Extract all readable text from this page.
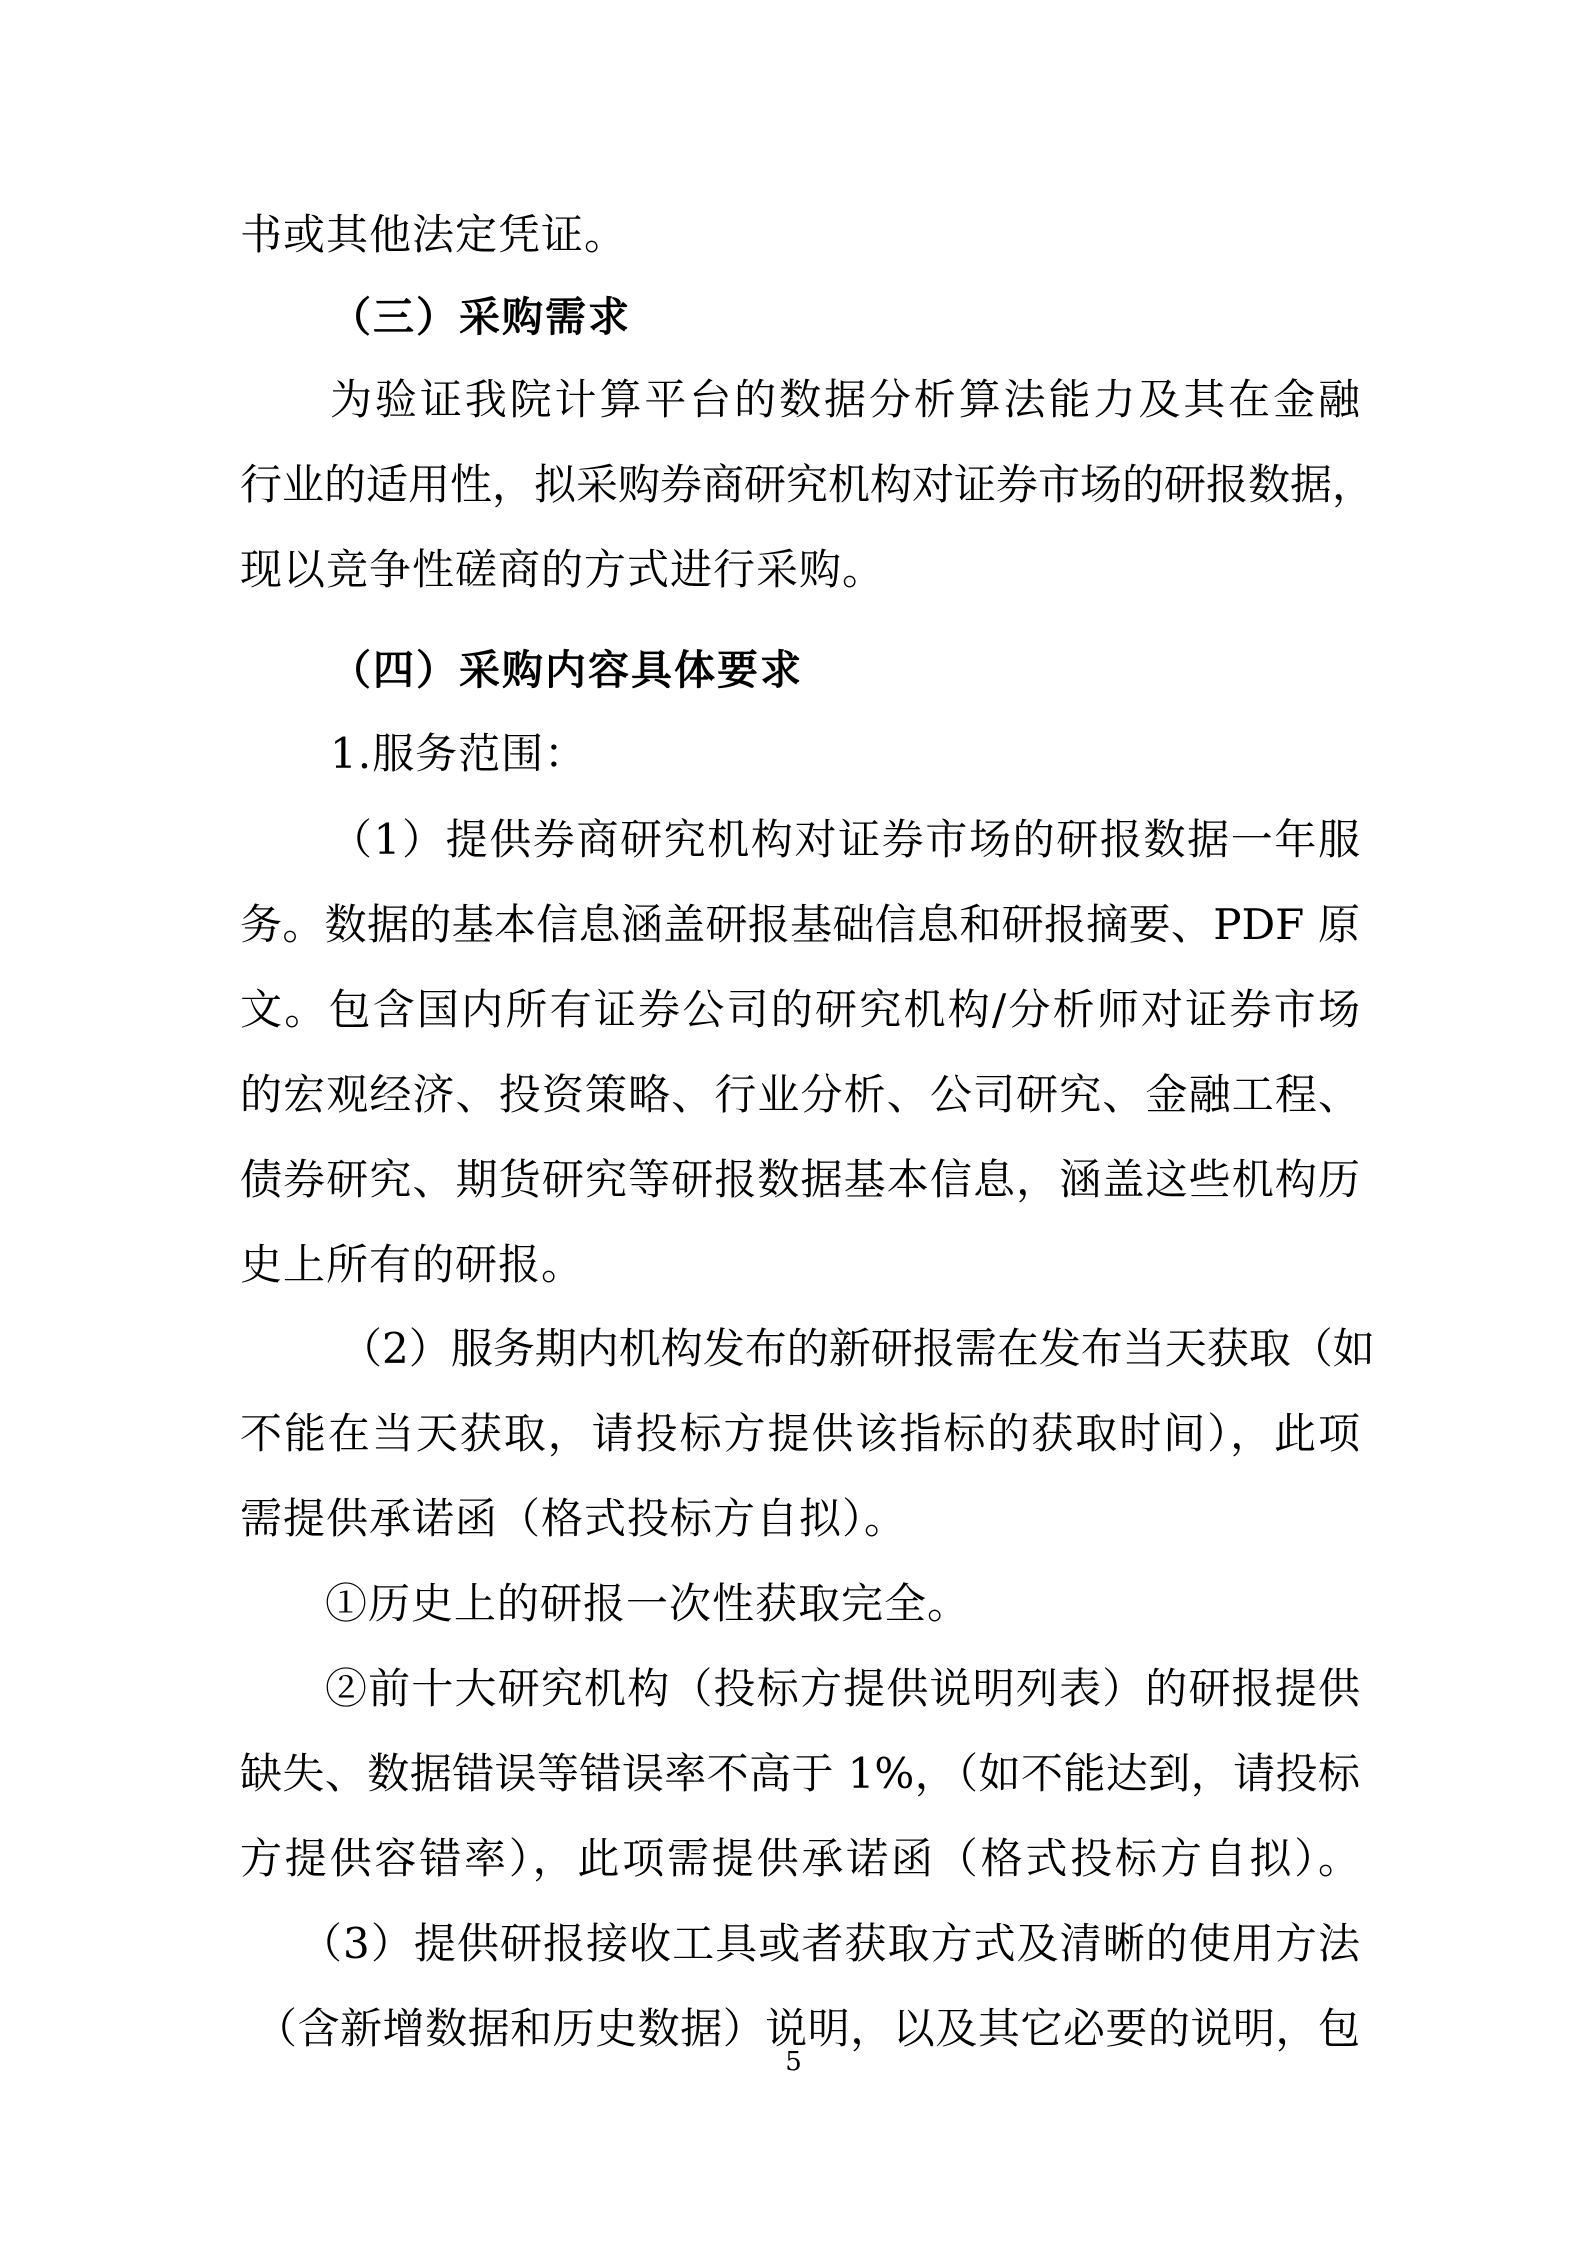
书或其他法定凭证。
（三）采购需求
为验证我院计算平台的数据分析算法能力及其在金融
行业的适用性，拟采购券商研究机构对证券市场的研报数据，
现以竞争性磋商的方式进行采购。
（四）采购内容具体要求
1.服务范围：
（1）提供券商研究机构对证券市场的研报数据一年服
务。数据的基本信息涵盖研报基础信息和研报摘要、PDF 原
文。包含国内所有证券公司的研究机构/分析师对证券市场
的宏观经济、投资策略、行业分析、公司研究、金融工程、
债券研究、期货研究等研报数据基本信息，涵盖这些机构历
史上所有的研报。
（2）服务期内机构发布的新研报需在发布当天获取（如
不能在当天获取，请投标方提供该指标的获取时间），此项
需提供承诺函（格式投标方自拟）。
①历史上的研报一次性获取完全。
②前十大研究机构（投标方提供说明列表）的研报提供
缺失、数据错误等错误率不高于 1%，（如不能达到，请投标
方提供容错率），此项需提供承诺函（格式投标方自拟）。
（3）提供研报接收工具或者获取方式及清晰的使用方法
（含新增数据和历史数据）说明，以及其它必要的说明，包
5
